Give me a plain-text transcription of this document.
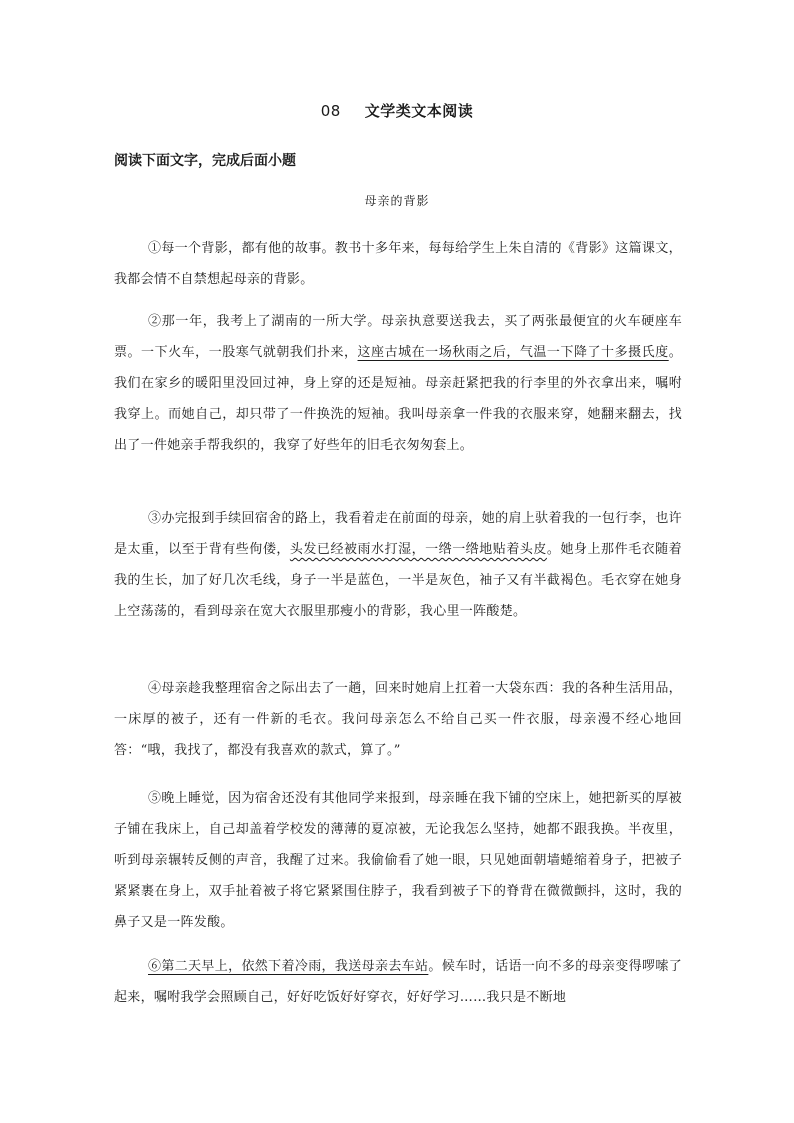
08 文学类文本阅读
阅读下面文字，完成后面小题
母亲的背影

①每一个背影，都有他的故事。教书十多年来，每每给学生上朱自清的《背影》这篇课文，我都会情不自禁想起母亲的背影。

②那一年，我考上了湖南的一所大学。母亲执意要送我去，买了两张最便宜的火车硬座车票。一下火车，一股寒气就朝我们扑来，这座古城在一场秋雨之后，气温一下降了十多摄氏度。我们在家乡的暖阳里没回过神，身上穿的还是短袖。母亲赶紧把我的行李里的外衣拿出来，嘱咐我穿上。而她自己，却只带了一件换洗的短袖。我叫母亲拿一件我的衣服来穿，她翻来翻去，找出了一件她亲手帮我织的，我穿了好些年的旧毛衣匆匆套上。

③办完报到手续回宿舍的路上，我看着走在前面的母亲，她的肩上驮着我的一包行李，也许是太重，以至于背有些佝偻，头发已经被雨水打湿，一绺一绺地贴着头皮。她身上那件毛衣随着我的生长，加了好几次毛线，身子一半是蓝色，一半是灰色，袖子又有半截褐色。毛衣穿在她身上空荡荡的，看到母亲在宽大衣服里那瘦小的背影，我心里一阵酸楚。

④母亲趁我整理宿舍之际出去了一趟，回来时她肩上扛着一大袋东西：我的各种生活用品，一床厚的被子，还有一件新的毛衣。我问母亲怎么不给自己买一件衣服，母亲漫不经心地回答：“哦，我找了，都没有我喜欢的款式，算了。”

⑤晚上睡觉，因为宿舍还没有其他同学来报到，母亲睡在我下铺的空床上，她把新买的厚被子铺在我床上，自己却盖着学校发的薄薄的夏凉被，无论我怎么坚持，她都不跟我换。半夜里，听到母亲辗转反侧的声音，我醒了过来。我偷偷看了她一眼，只见她面朝墙蜷缩着身子，把被子紧紧裹在身上，双手扯着被子将它紧紧围住脖子，我看到被子下的脊背在微微颤抖，这时，我的鼻子又是一阵发酸。

⑥第二天早上，依然下着冷雨，我送母亲去车站。候车时，话语一向不多的母亲变得啰嗦了起来，嘱咐我学会照顾自己，好好吃饭好好穿衣，好好学习……我只是不断地
